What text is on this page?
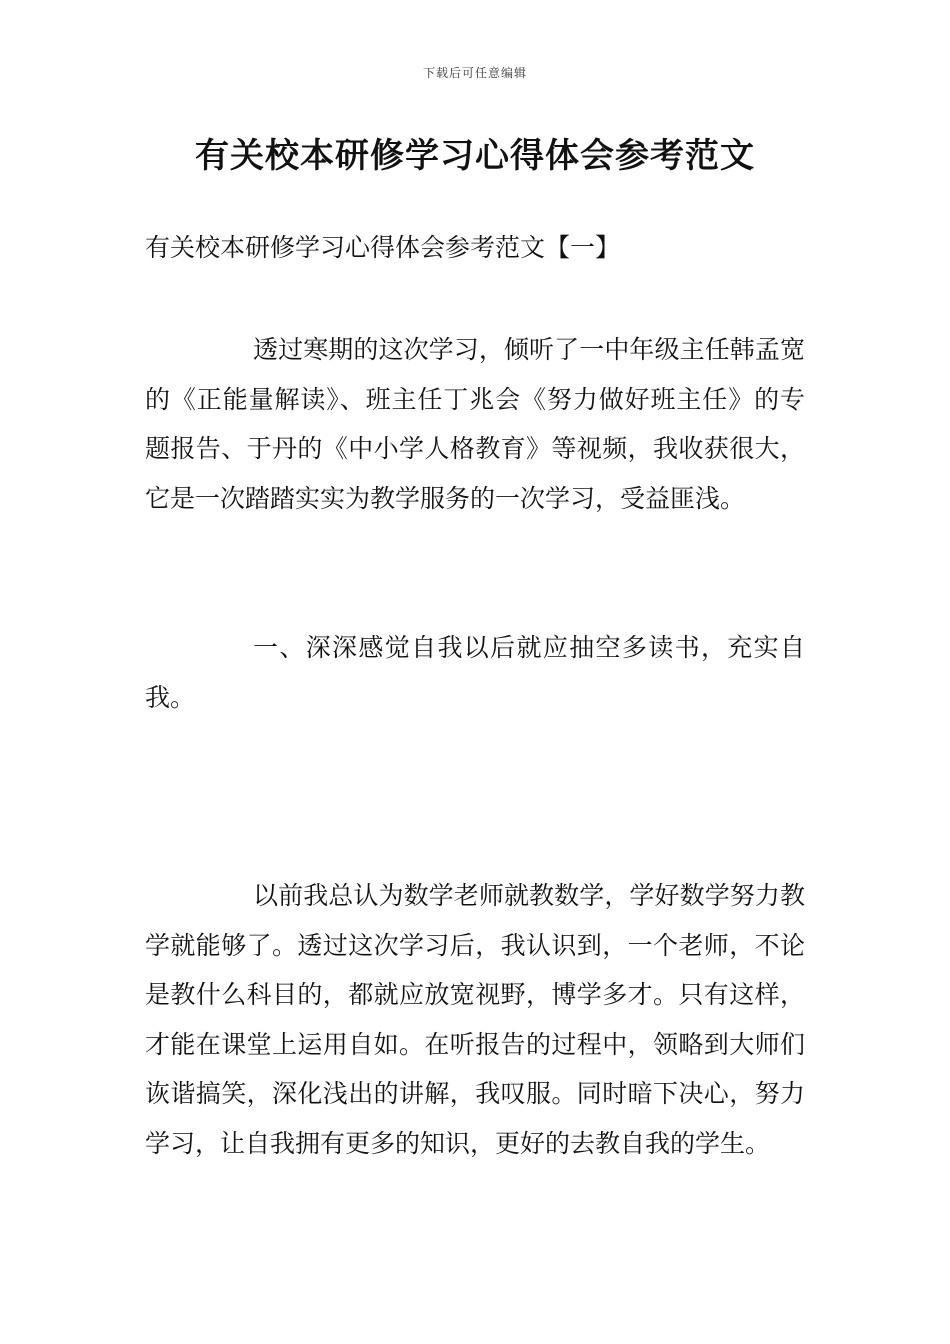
下载后可任意编辑
有关校本研修学习心得体会参考范文
有关校本研修学习心得体会参考范文【一】

透过寒期的这次学习，倾听了一中年级主任韩孟宽的《正能量解读》、班主任丁兆会《努力做好班主任》的专题报告、于丹的《中小学人格教育》等视频，我收获很大，它是一次踏踏实实为教学服务的一次学习，受益匪浅。

一、深深感觉自我以后就应抽空多读书，充实自我。

以前我总认为数学老师就教数学，学好数学努力教学就能够了。透过这次学习后，我认识到，一个老师，不论是教什么科目的，都就应放宽视野，博学多才。只有这样，才能在课堂上运用自如。在听报告的过程中，领略到大师们诙谐搞笑，深化浅出的讲解，我叹服。同时暗下决心，努力学习，让自我拥有更多的知识，更好的去教自我的学生。
